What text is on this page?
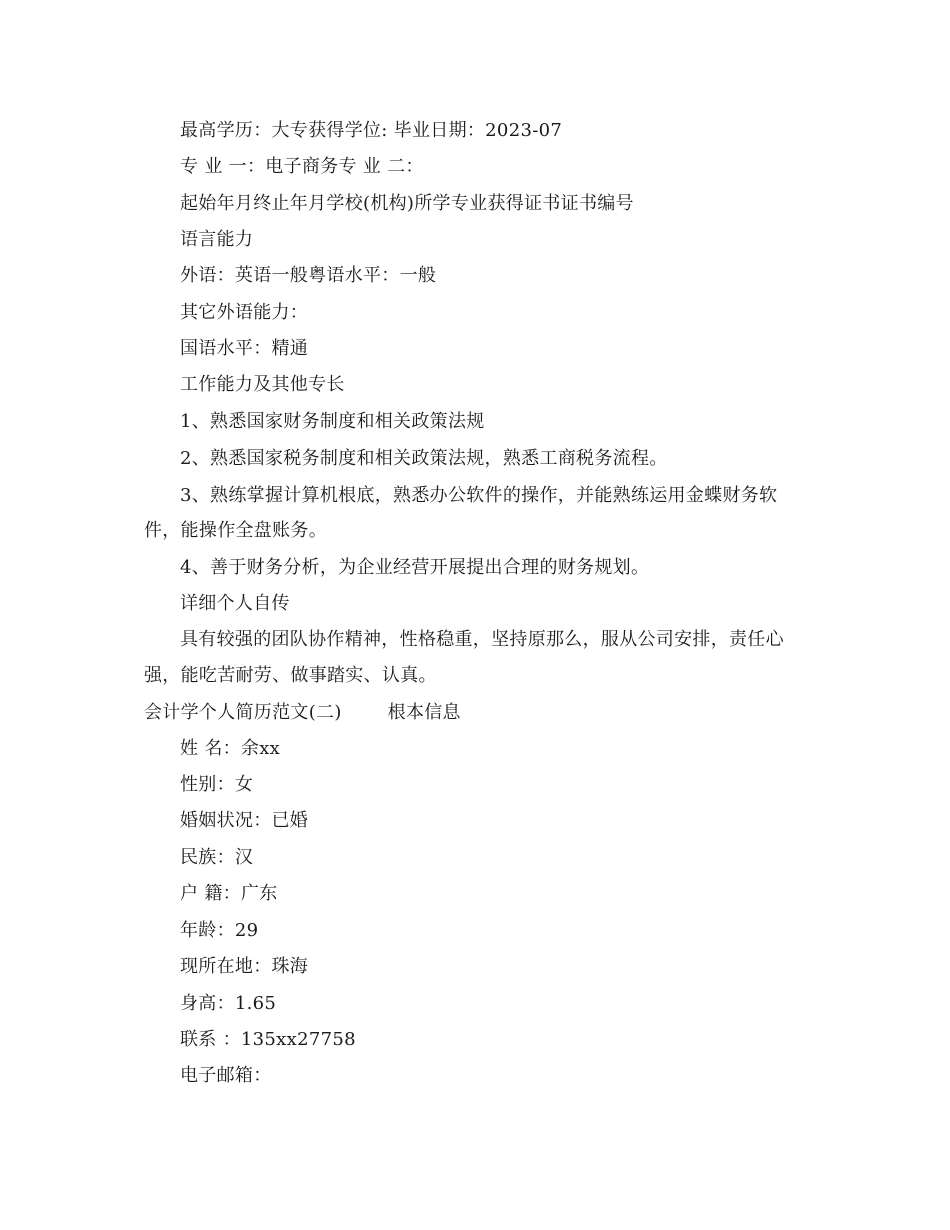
最高学历：大专获得学位: 毕业日期：2023-07
专 业 一：电子商务专 业 二：
起始年月终止年月学校(机构)所学专业获得证书证书编号
语言能力
外语：英语一般粤语水平：一般
其它外语能力：
国语水平：精通
工作能力及其他专长
1、熟悉国家财务制度和相关政策法规
2、熟悉国家税务制度和相关政策法规，熟悉工商税务流程。
3、熟练掌握计算机根底，熟悉办公软件的操作，并能熟练运用金蝶财务软
件，能操作全盘账务。
4、善于财务分析，为企业经营开展提出合理的财务规划。
详细个人自传
具有较强的团队协作精神，性格稳重，坚持原那么，服从公司安排，责任心
强，能吃苦耐劳、做事踏实、认真。
会计学个人简历范文(二)	根本信息
姓 名：余xx
性别：女
婚姻状况：已婚
民族：汉
户 籍：广东
年龄：29
现所在地：珠海
身高：1.65
联系 ：135xx27758
电子邮箱：
